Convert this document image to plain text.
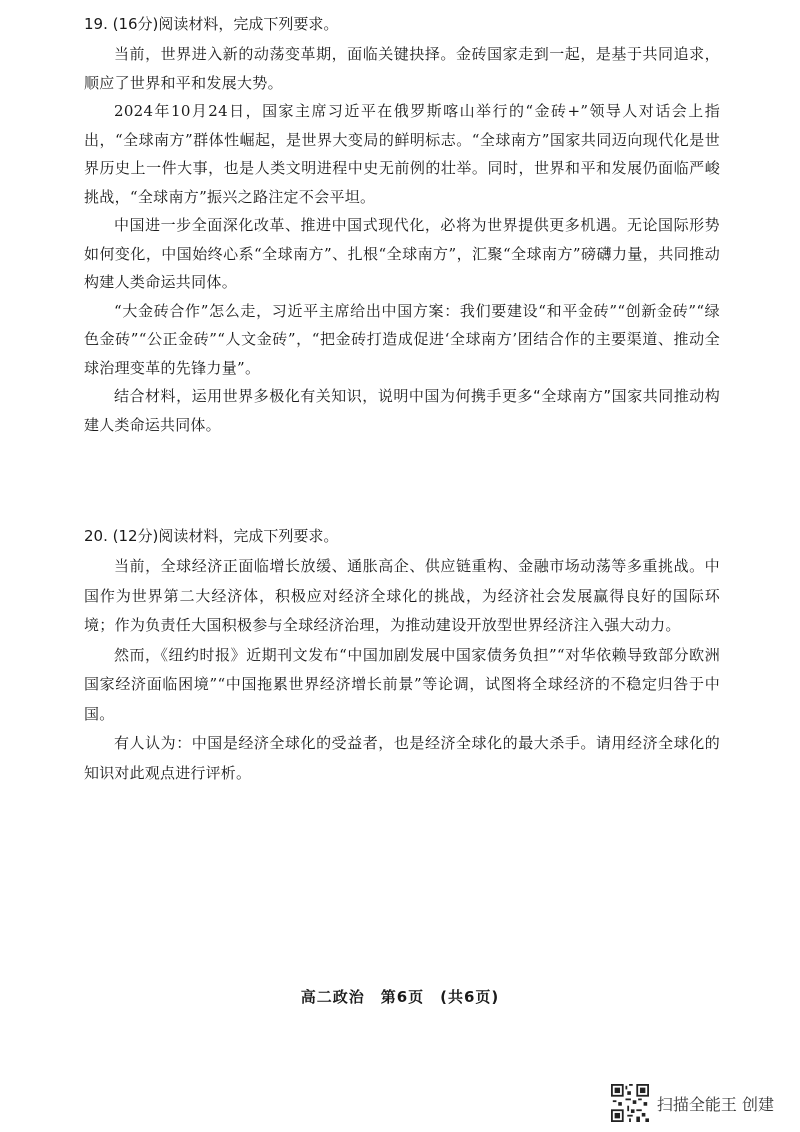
19. (16分)阅读材料，完成下列要求。

当前，世界进入新的动荡变革期，面临关键抉择。金砖国家走到一起，是基于共同追求，顺应了世界和平和发展大势。

2024年10月24日，国家主席习近平在俄罗斯喀山举行的“金砖+”领导人对话会上指出，“全球南方”群体性崛起，是世界大变局的鲜明标志。“全球南方”国家共同迈向现代化是世界历史上一件大事，也是人类文明进程中史无前例的壮举。同时，世界和平和发展仍面临严峻挑战，“全球南方”振兴之路注定不会平坦。

中国进一步全面深化改革、推进中国式现代化，必将为世界提供更多机遇。无论国际形势如何变化，中国始终心系“全球南方”、扎根“全球南方”，汇聚“全球南方”磅礴力量，共同推动构建人类命运共同体。

“大金砖合作”怎么走，习近平主席给出中国方案：我们要建设“和平金砖”“创新金砖”“绿色金砖”“公正金砖”“人文金砖”，“把金砖打造成促进‘全球南方’团结合作的主要渠道、推动全球治理变革的先锋力量”。

结合材料，运用世界多极化有关知识，说明中国为何携手更多“全球南方”国家共同推动构建人类命运共同体。

20. (12分)阅读材料，完成下列要求。

当前，全球经济正面临增长放缓、通胀高企、供应链重构、金融市场动荡等多重挑战。中国作为世界第二大经济体，积极应对经济全球化的挑战，为经济社会发展赢得良好的国际环境；作为负责任大国积极参与全球经济治理，为推动建设开放型世界经济注入强大动力。

然而，《纽约时报》近期刊文发布“中国加剧发展中国家债务负担”“对华依赖导致部分欧洲国家经济面临困境”“中国拖累世界经济增长前景”等论调，试图将全球经济的不稳定归咎于中国。

有人认为：中国是经济全球化的受益者，也是经济全球化的最大杀手。请用经济全球化的知识对此观点进行评析。

高二政治　第6页　(共6页)
扫描全能王 创建
